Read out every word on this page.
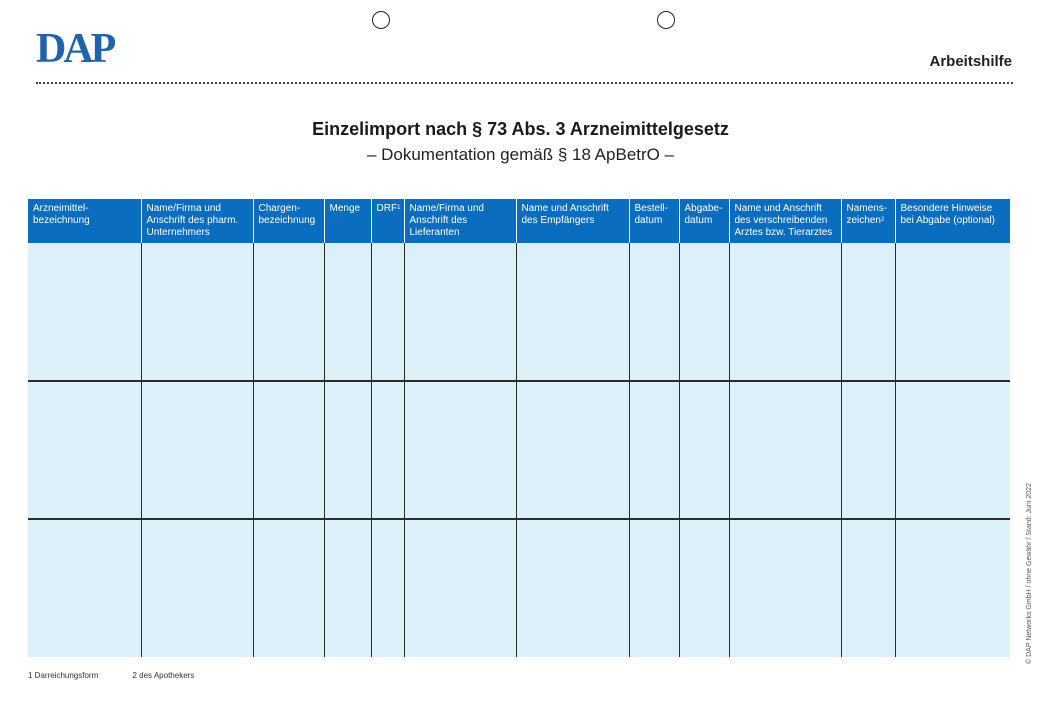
DAP	Arbeitshilfe
Einzelimport nach § 73 Abs. 3 Arzneimittelgesetz
– Dokumentation gemäß § 18 ApBetrO –
Arzneimittel-
bezeichnung	Name/Firma und
Anschrift des pharm.
Unternehmers	Chargen-
bezeichnung	Menge	DRF$^1$	Name/Firma und
Anschrift des
Lieferanten	Name und Anschrift
des Empfängers	Bestell-
datum	Abgabe-
datum	Name und Anschrift
des verschreibenden
Arztes bzw. Tierarztes	Namens-
zeichen$^2$	Besondere Hinweise
bei Abgabe (optional)

1 Darreichungsform	2 des Apothekers
© DAP Networks GmbH / ohne Gewähr / Stand: Juni 2022
